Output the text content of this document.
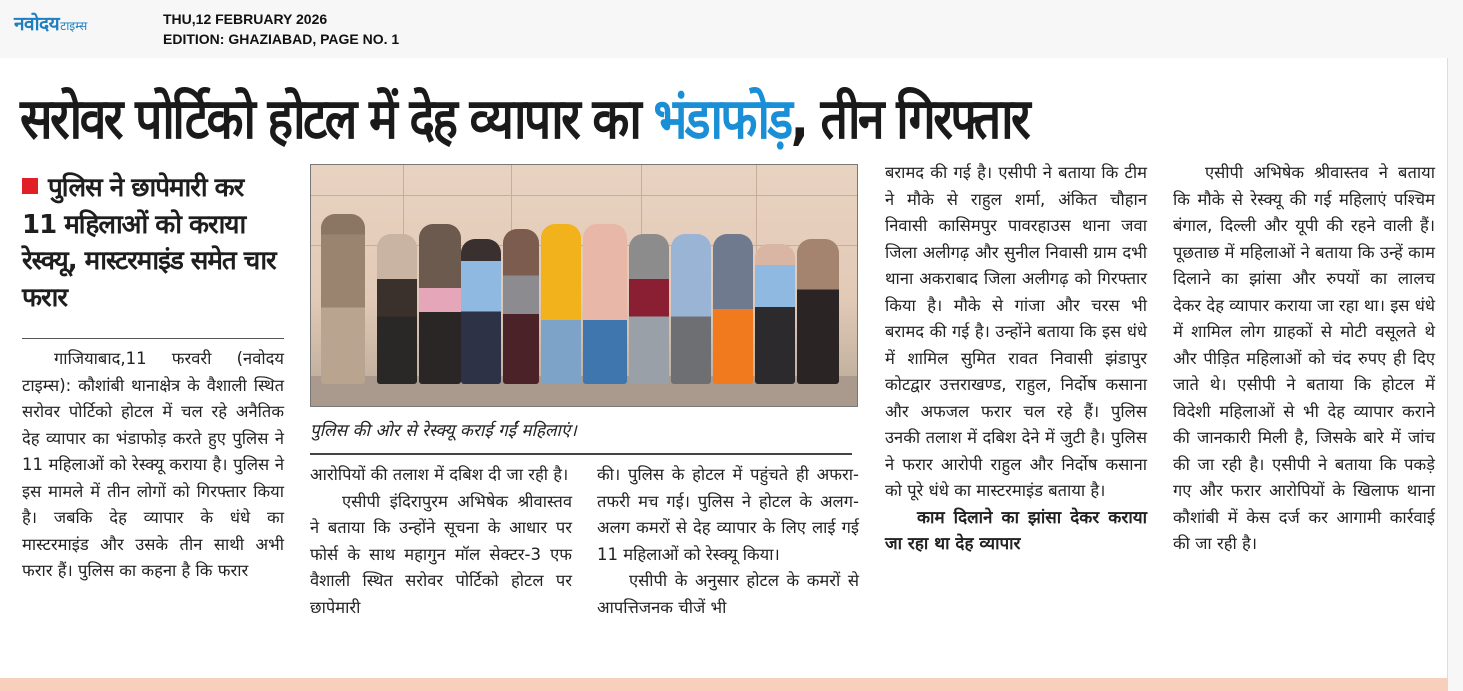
नवोदय टाइम्स	THU,12 FEBRUARY 2026
EDITION: GHAZIABAD, PAGE NO. 1
सरोवर पोर्टिको होटल में देह व्यापार का भंडाफोड़, तीन गिरफ्तार
पुलिस ने छापेमारी कर 11 महिलाओं को कराया रेस्क्यू, मास्टरमाइंड समेत चार फरार

गाजियाबाद,11 फरवरी (नवोदय टाइम्स): कौशांबी थानाक्षेत्र के वैशाली स्थित सरोवर पोर्टिको होटल में चल रहे अनैतिक देह व्यापार का भंडाफोड़ करते हुए पुलिस ने 11 महिलाओं को रेस्क्यू कराया है। पुलिस ने इस मामले में तीन लोगों को गिरफ्तार किया है। जबकि देह व्यापार के धंधे का मास्टरमाइंड और उसके तीन साथी अभी फरार हैं। पुलिस का कहना है कि फरार

पुलिस की ओर से रेस्क्यू कराई गईं महिलाएं।

आरोपियों की तलाश में दबिश दी जा रही है।

एसीपी इंदिरापुरम अभिषेक श्रीवास्तव ने बताया कि उन्होंने सूचना के आधार पर फोर्स के साथ महागुन मॉल सेक्टर-3 एफ वैशाली स्थित सरोवर पोर्टिको होटल पर छापेमारी

की। पुलिस के होटल में पहुंचते ही अफरा-तफरी मच गई। पुलिस ने होटल के अलग-अलग कमरों से देह व्यापार के लिए लाई गई 11 महिलाओं को रेस्क्यू किया।

एसीपी के अनुसार होटल के कमरों से आपत्तिजनक चीजें भी

बरामद की गई है। एसीपी ने बताया कि टीम ने मौके से राहुल शर्मा, अंकित चौहान निवासी कासिमपुर पावरहाउस थाना जवा जिला अलीगढ़ और सुनील निवासी ग्राम दभी थाना अकराबाद जिला अलीगढ़ को गिरफ्तार किया है। मौके से गांजा और चरस भी बरामद की गई है। उन्होंने बताया कि इस धंधे में शामिल सुमित रावत निवासी झंडापुर कोटद्वार उत्तराखण्ड, राहुल, निर्दोष कसाना और अफजल फरार चल रहे हैं। पुलिस उनकी तलाश में दबिश देने में जुटी है। पुलिस ने फरार आरोपी राहुल और निर्दोष कसाना को पूरे धंधे का मास्टरमाइंड बताया है।

काम दिलाने का झांसा देकर कराया जा रहा था देह व्यापार

एसीपी अभिषेक श्रीवास्तव ने बताया कि मौके से रेस्क्यू की गई महिलाएं पश्चिम बंगाल, दिल्ली और यूपी की रहने वाली हैं। पूछताछ में महिलाओं ने बताया कि उन्हें काम दिलाने का झांसा और रुपयों का लालच देकर देह व्यापार कराया जा रहा था। इस धंधे में शामिल लोग ग्राहकों से मोटी वसूलते थे और पीड़ित महिलाओं को चंद रुपए ही दिए जाते थे। एसीपी ने बताया कि होटल में विदेशी महिलाओं से भी देह व्यापार कराने की जानकारी मिली है, जिसके बारे में जांच की जा रही है। एसीपी ने बताया कि पकड़े गए और फरार आरोपियों के खिलाफ थाना कौशांबी में केस दर्ज कर आगामी कार्रवाई की जा रही है।
